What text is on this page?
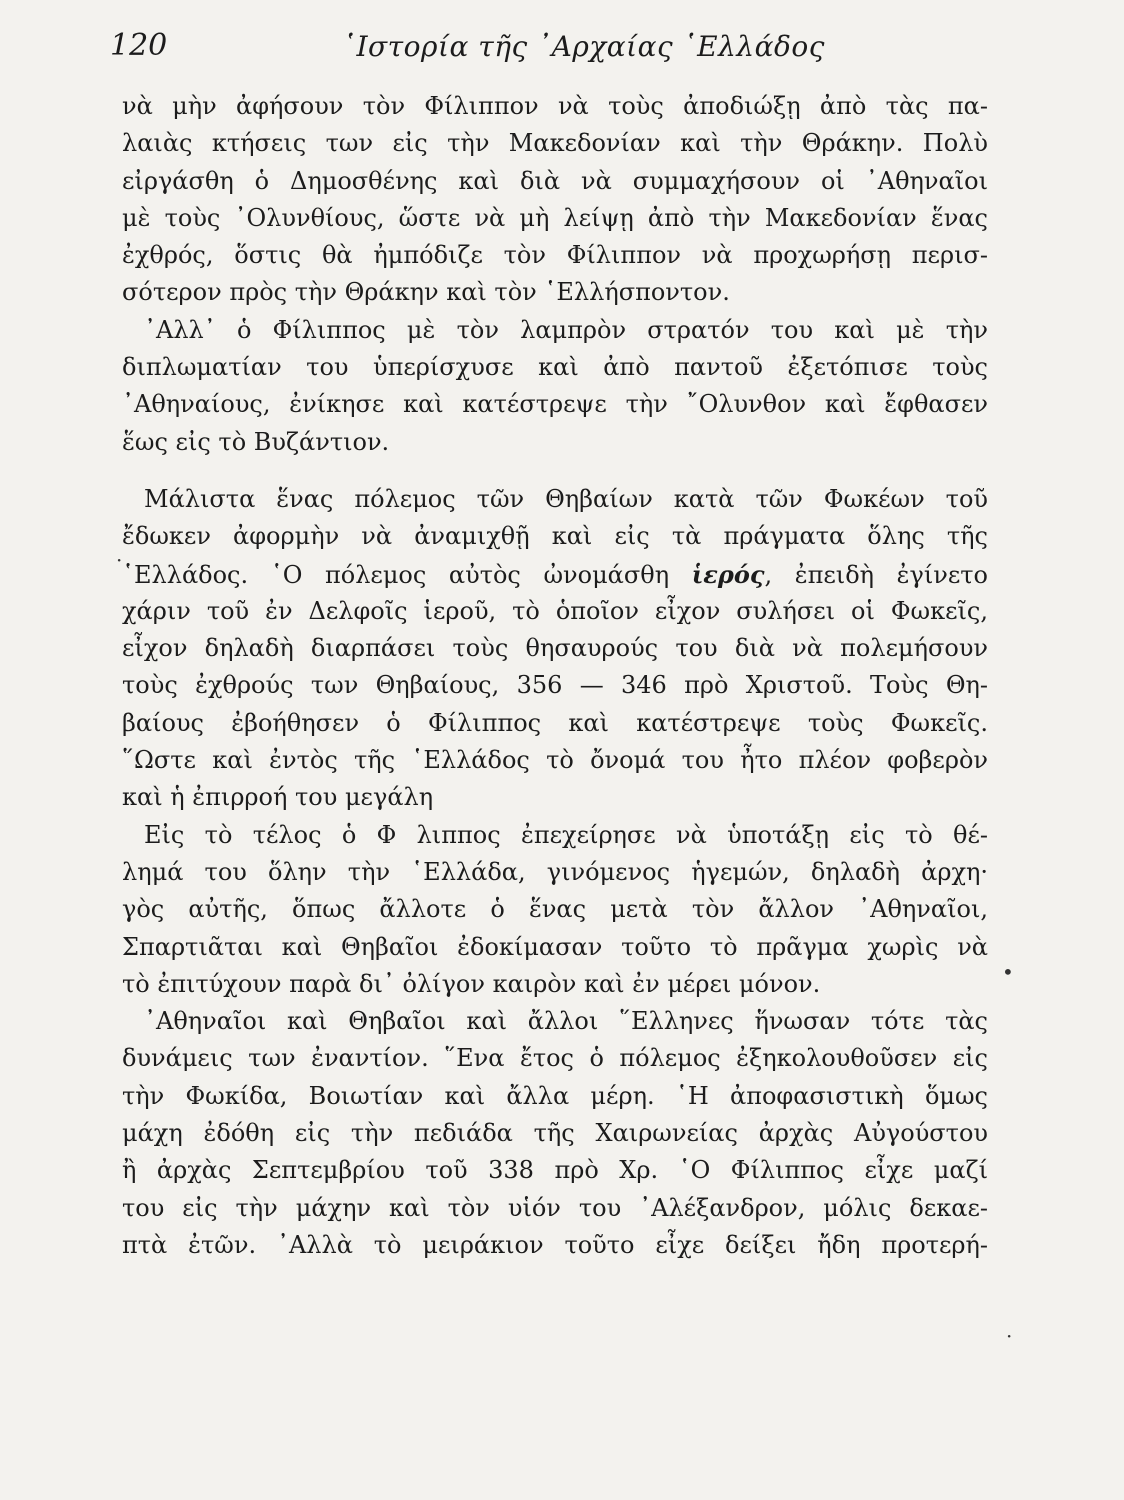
120	῾Ιστορία τῆς ᾿Αρχαίας ῾Ελλάδος
νὰ μὴν ἀφήσουν τὸν Φίλιππον νὰ τοὺς ἀποδιώξῃ ἀπὸ τὰς πα-
λαιὰς κτήσεις των εἰς τὴν Μακεδονίαν καὶ τὴν Θράκην. Πολὺ
εἰργάσθη ὁ Δημοσθένης καὶ διὰ νὰ συμμαχήσουν οἱ ᾿Αθηναῖοι
μὲ τοὺς ᾿Ολυνθίους, ὥστε νὰ μὴ λείψῃ ἀπὸ τὴν Μακεδονίαν ἕνας
ἐχθρός, ὅστις θὰ ἠμπόδιζε τὸν Φίλιππον νὰ προχωρήσῃ περισ-
σότερον πρὸς τὴν Θράκην καὶ τὸν ῾Ελλήσποντον.
᾿Αλλ᾿ ὁ Φίλιππος μὲ τὸν λαμπρὸν στρατόν του καὶ μὲ τὴν
διπλωματίαν του ὑπερίσχυσε καὶ ἀπὸ παντοῦ ἐξετόπισε τοὺς
᾿Αθηναίους, ἐνίκησε καὶ κατέστρεψε τὴν ῎Ολυνθον καὶ ἔφθασεν
ἕως εἰς τὸ Βυζάντιον.
Μάλιστα ἕνας πόλεμος τῶν Θηβαίων κατὰ τῶν Φωκέων τοῦ
ἔδωκεν ἀφορμὴν νὰ ἀναμιχθῇ καὶ εἰς τὰ πράγματα ὅλης τῆς
῾Ελλάδος. ῾Ο πόλεμος αὐτὸς ὠνομάσθη ἱερός, ἐπειδὴ ἐγίνετο
χάριν τοῦ ἐν Δελφοῖς ἱεροῦ, τὸ ὁποῖον εἶχον συλήσει οἱ Φωκεῖς,
εἶχον δηλαδὴ διαρπάσει τοὺς θησαυρούς του διὰ νὰ πολεμήσουν
τοὺς ἐχθρούς των Θηβαίους, 356 — 346 πρὸ Χριστοῦ. Τοὺς Θη-
βαίους ἐβοήθησεν ὁ Φίλιππος καὶ κατέστρεψε τοὺς Φωκεῖς.
῞Ωστε καὶ ἐντὸς τῆς ῾Ελλάδος τὸ ὄνομά του ἦτο πλέον φοβερὸν
καὶ ἡ ἐπιρροή του μεγάλη
Εἰς τὸ τέλος ὁ Φ λιππος ἐπεχείρησε νὰ ὑποτάξῃ εἰς τὸ θέ-
λημά του ὅλην τὴν ῾Ελλάδα, γινόμενος ἡγεμών, δηλαδὴ ἀρχη·
γὸς αὐτῆς, ὅπως ἄλλοτε ὁ ἕνας μετὰ τὸν ἄλλον ᾿Αθηναῖοι,
Σπαρτιᾶται καὶ Θηβαῖοι ἐδοκίμασαν τοῦτο τὸ πρᾶγμα χωρὶς νὰ
τὸ ἐπιτύχουν παρὰ δι᾿ ὀλίγον καιρὸν καὶ ἐν μέρει μόνον.
᾿Αθηναῖοι καὶ Θηβαῖοι καὶ ἄλλοι ῞Ελληνες ἥνωσαν τότε τὰς
δυνάμεις των ἐναντίον. ῞Ενα ἔτος ὁ πόλεμος ἐξηκολουθοῦσεν εἰς
τὴν Φωκίδα, Βοιωτίαν καὶ ἄλλα μέρη. ῾Η ἀποφασιστικὴ ὅμως
μάχη ἐδόθη εἰς τὴν πεδιάδα τῆς Χαιρωνείας ἀρχὰς Αὐγούστου
ἢ ἀρχὰς Σεπτεμβρίου τοῦ 338 πρὸ Χρ. ῾Ο Φίλιππος εἶχε μαζί
του εἰς τὴν μάχην καὶ τὸν υἱόν του ᾿Αλέξανδρον, μόλις δεκαε-
πτὰ ἐτῶν. ᾿Αλλὰ τὸ μειράκιον τοῦτο εἶχε δείξει ἤδη προτερή-
·
•
·
